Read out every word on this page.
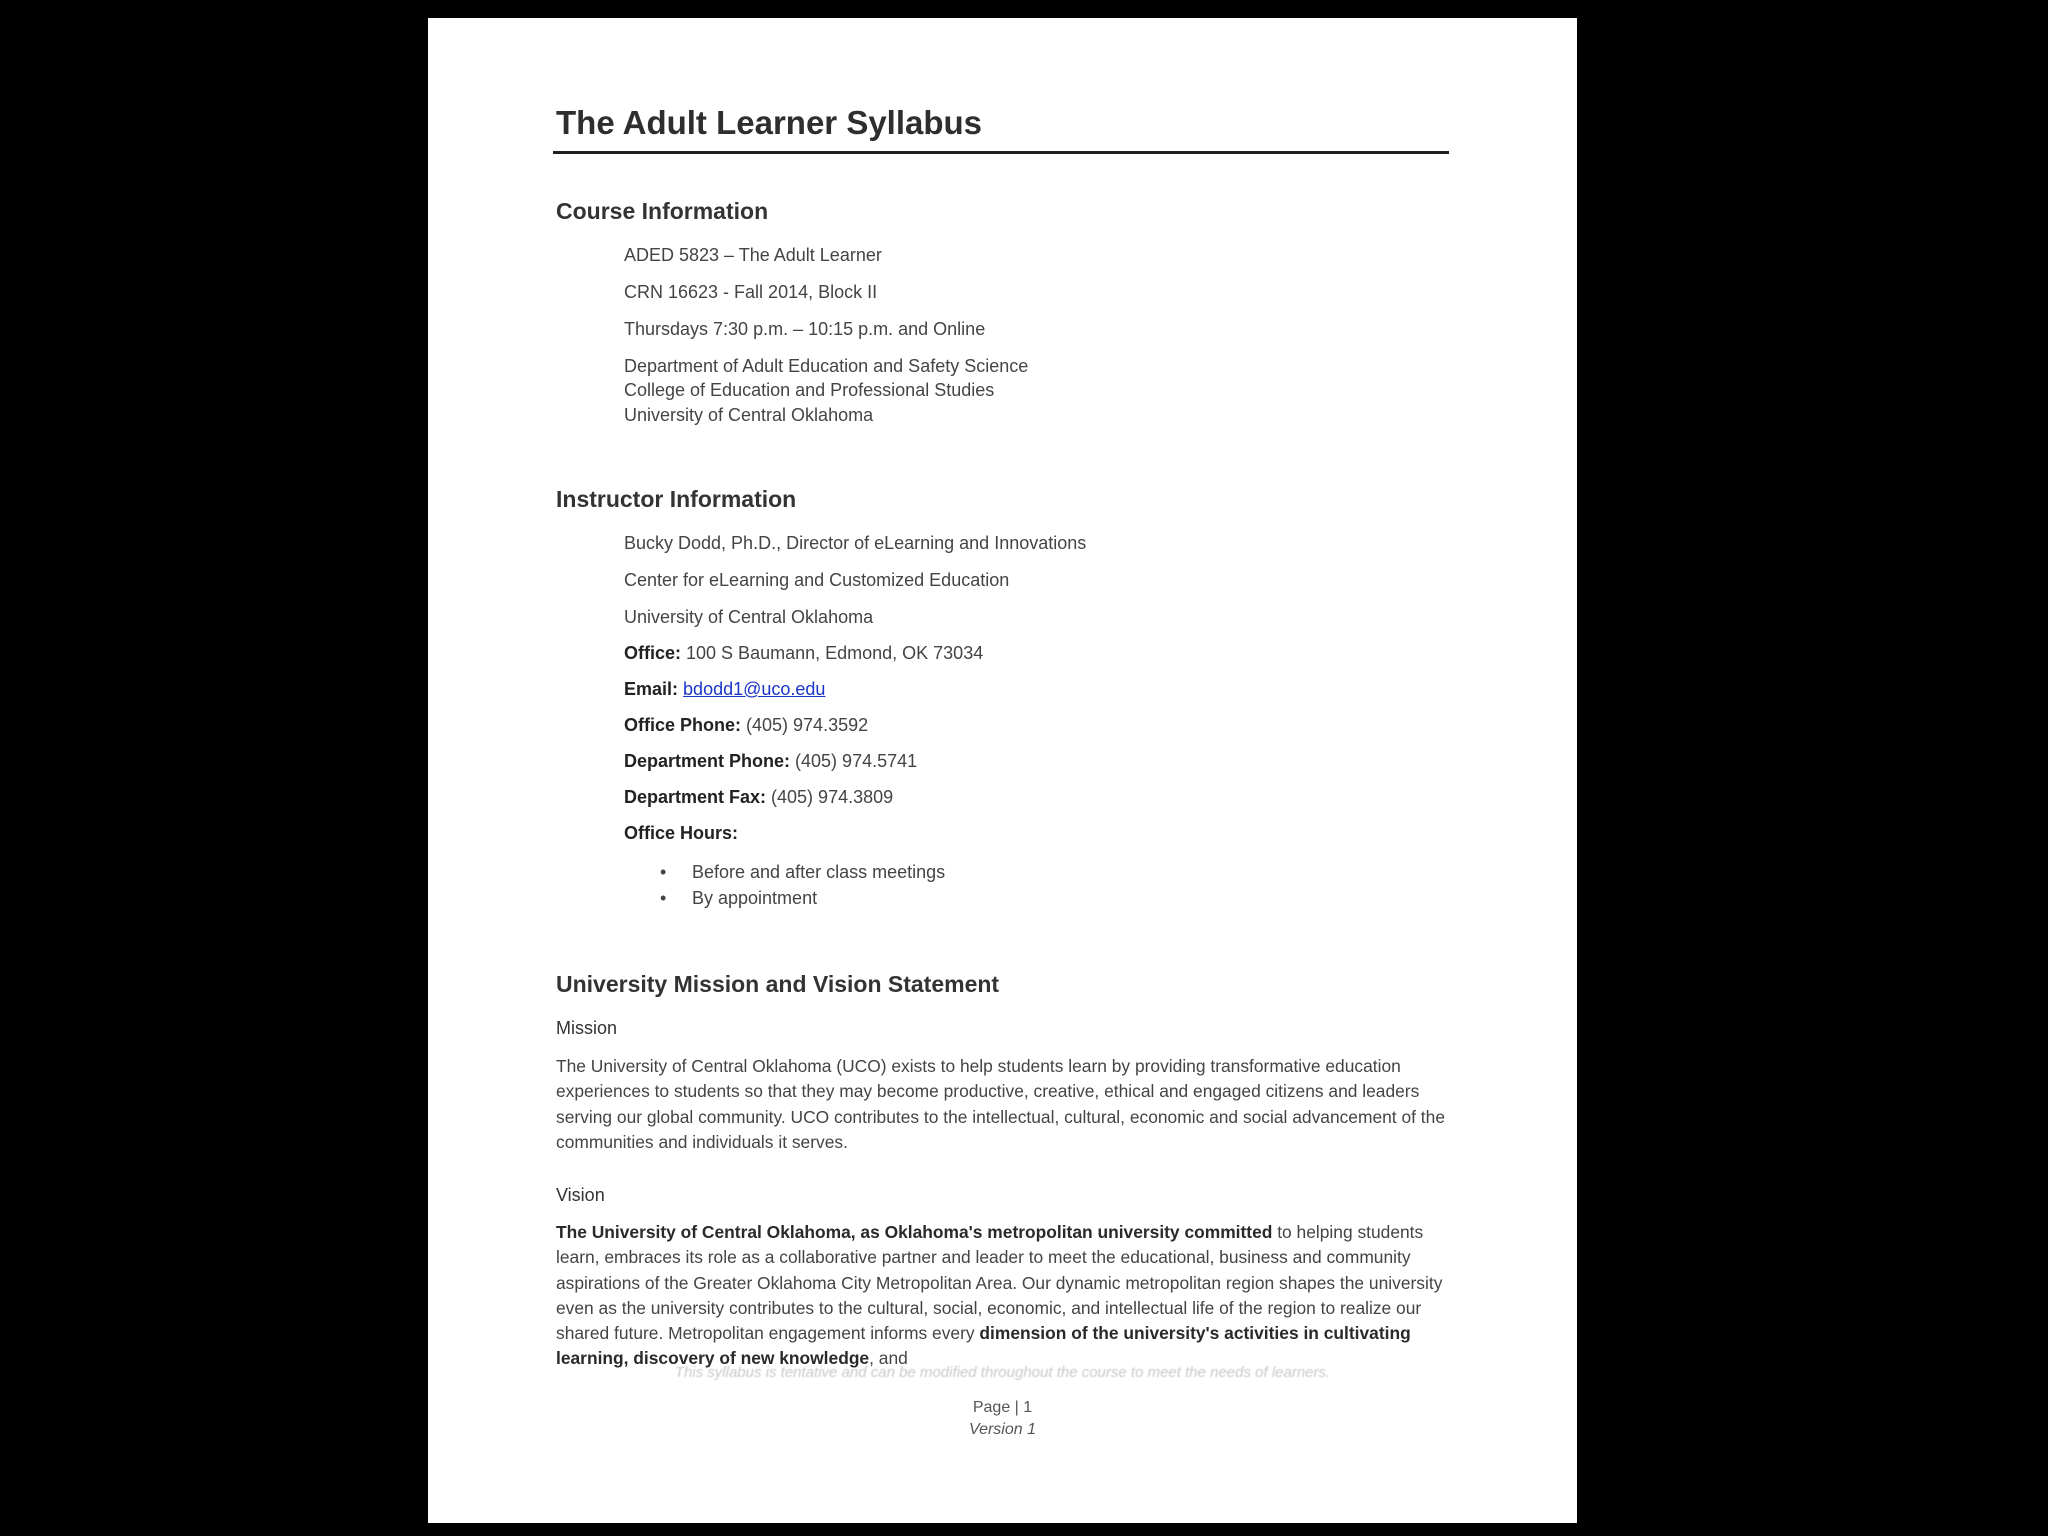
The Adult Learner Syllabus
Course Information
ADED 5823 – The Adult Learner
CRN 16623 - Fall 2014, Block II
Thursdays 7:30 p.m. – 10:15 p.m. and Online
Department of Adult Education and Safety Science
College of Education and Professional Studies
University of Central Oklahoma
Instructor Information
Bucky Dodd, Ph.D., Director of eLearning and Innovations
Center for eLearning and Customized Education
University of Central Oklahoma
Office: 100 S Baumann, Edmond, OK 73034
Email: bdodd1@uco.edu
Office Phone: (405) 974.3592
Department Phone: (405) 974.5741
Department Fax: (405) 974.3809
Office Hours:
• Before and after class meetings
• By appointment
University Mission and Vision Statement
Mission
The University of Central Oklahoma (UCO) exists to help students learn by providing transformative education experiences to students so that they may become productive, creative, ethical and engaged citizens and leaders serving our global community. UCO contributes to the intellectual, cultural, economic and social advancement of the communities and individuals it serves.
Vision
The University of Central Oklahoma, as Oklahoma's metropolitan university committed to helping students learn, embraces its role as a collaborative partner and leader to meet the educational, business and community aspirations of the Greater Oklahoma City Metropolitan Area. Our dynamic metropolitan region shapes the university even as the university contributes to the cultural, social, economic, and intellectual life of the region to realize our shared future. Metropolitan engagement informs every dimension of the university's activities in cultivating learning, discovery of new knowledge, and
This syllabus is tentative and can be modified throughout the course to meet the needs of learners.
Page | 1
Version 1
